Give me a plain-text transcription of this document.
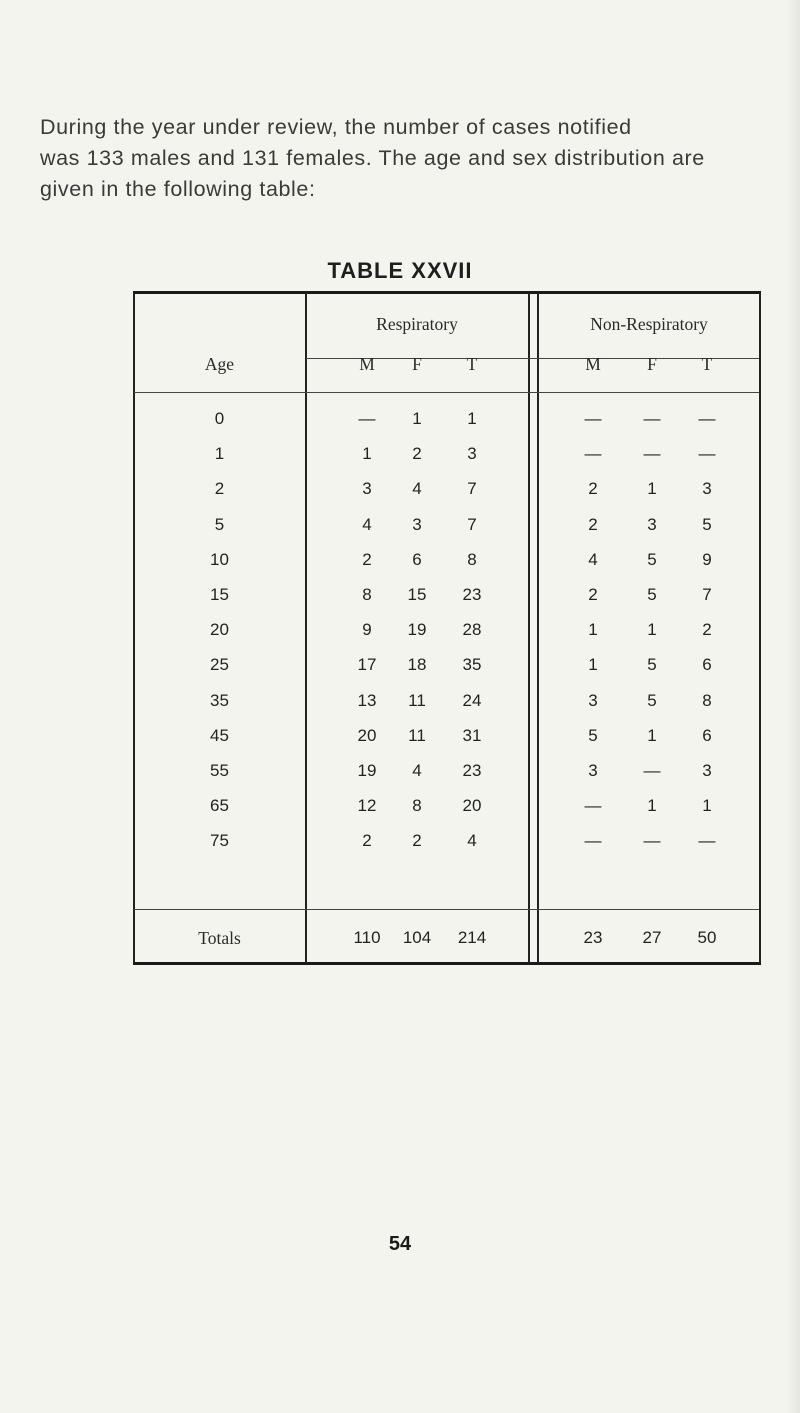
During the year under review, the number of cases notified
was 133 males and 131 females. The age and sex distribution are
given in the following table:
TABLE XXVII
Respiratory	Non-Respiratory
Age	M	F	T	M	F	T
0	—	1	1	—	—	—
1	1	2	3	—	—	—
2	3	4	7	2	1	3
5	4	3	7	2	3	5
10	2	6	8	4	5	9
15	8	15	23	2	5	7
20	9	19	28	1	1	2
25	17	18	35	1	5	6
35	13	11	24	3	5	8
45	20	11	31	5	1	6
55	19	4	23	3	—	3
65	12	8	20	—	1	1
75	2	2	4	—	—	—
Totals	110	104	214	23	27	50
54
